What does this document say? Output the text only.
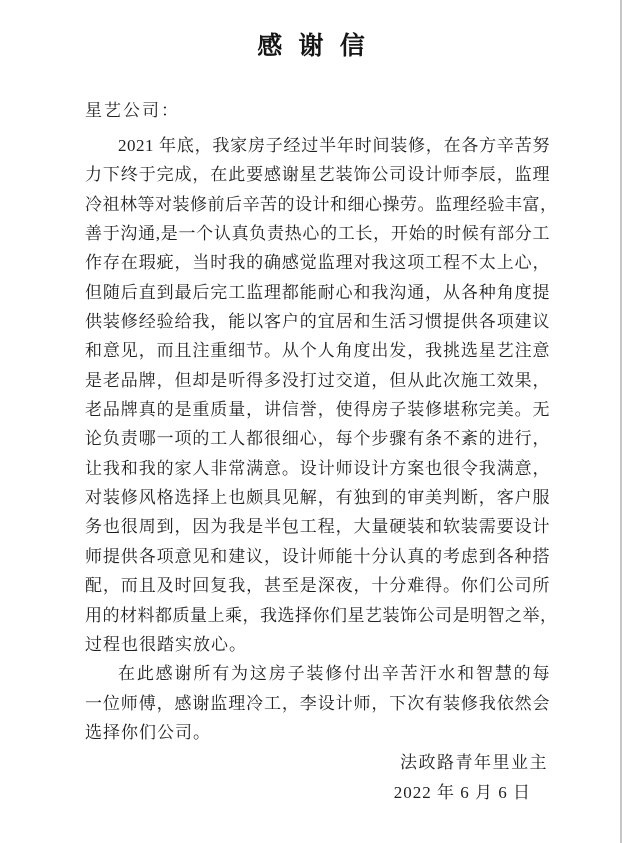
感 谢 信
星艺公司：
2021 年底，我家房子经过半年时间装修，在各方辛苦努
力下终于完成，在此要感谢星艺装饰公司设计师李辰，监理
冷祖林等对装修前后辛苦的设计和细心操劳。监理经验丰富，
善于沟通,是一个认真负责热心的工长，开始的时候有部分工
作存在瑕疵，当时我的确感觉监理对我这项工程不太上心，
但随后直到最后完工监理都能耐心和我沟通，从各种角度提
供装修经验给我，能以客户的宜居和生活习惯提供各项建议
和意见，而且注重细节。从个人角度出发，我挑选星艺注意
是老品牌，但却是听得多没打过交道，但从此次施工效果，
老品牌真的是重质量，讲信誉，使得房子装修堪称完美。无
论负责哪一项的工人都很细心，每个步骤有条不紊的进行，
让我和我的家人非常满意。设计师设计方案也很令我满意，
对装修风格选择上也颇具见解，有独到的审美判断，客户服
务也很周到，因为我是半包工程，大量硬装和软装需要设计
师提供各项意见和建议，设计师能十分认真的考虑到各种搭
配，而且及时回复我，甚至是深夜，十分难得。你们公司所
用的材料都质量上乘，我选择你们星艺装饰公司是明智之举，
过程也很踏实放心。
在此感谢所有为这房子装修付出辛苦汗水和智慧的每
一位师傅，感谢监理冷工，李设计师，下次有装修我依然会
选择你们公司。
法政路青年里业主
2022 年 6 月 6 日
